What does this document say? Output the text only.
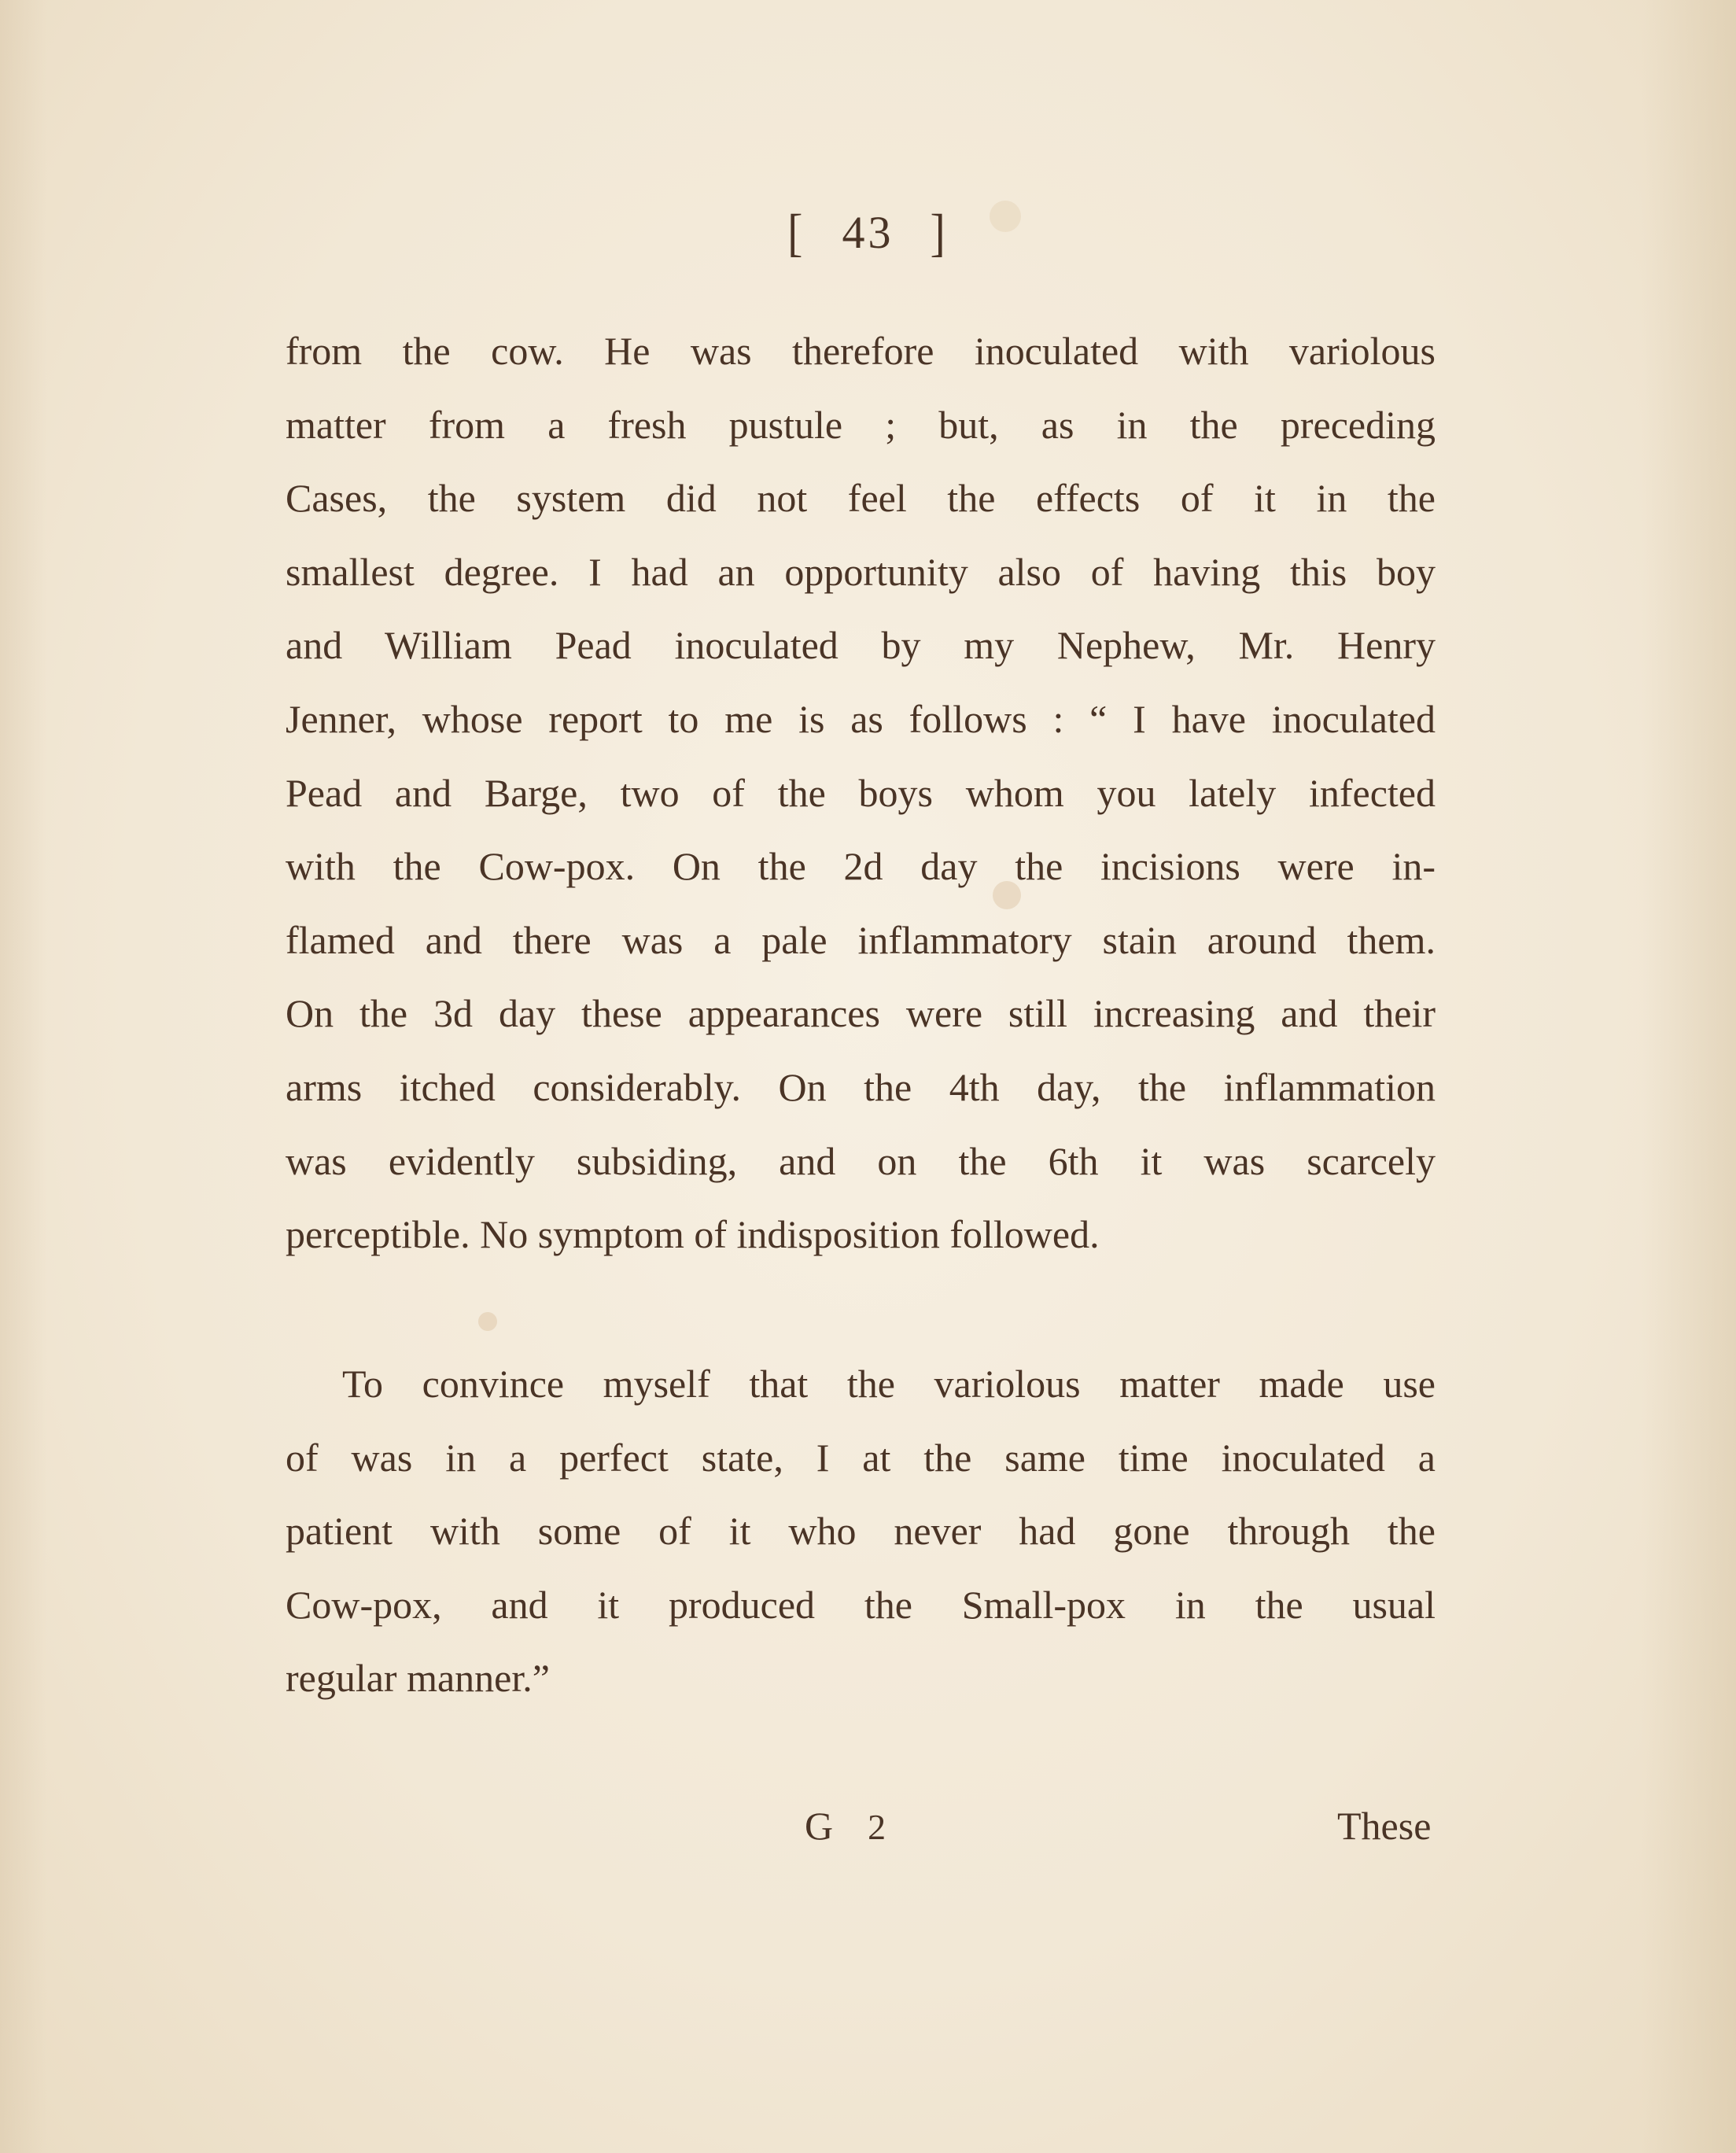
[ 43 ]
from the cow. He was therefore inoculated with variolous
matter from a fresh pustule ; but, as in the preceding
Cases, the system did not feel the effects of it in the
smallest degree. I had an opportunity also of having this boy
and William Pead inoculated by my Nephew, Mr. Henry
Jenner, whose report to me is as follows : “ I have inoculated
Pead and Barge, two of the boys whom you lately infected
with the Cow-pox. On the 2d day the incisions were in-
flamed and there was a pale inflammatory stain around them.
On the 3d day these appearances were still increasing and their
arms itched considerably. On the 4th day, the inflammation
was evidently subsiding, and on the 6th it was scarcely
perceptible. No symptom of indisposition followed.
To convince myself that the variolous matter made use
of was in a perfect state, I at the same time inoculated a
patient with some of it who never had gone through the
Cow-pox, and it produced the Small-pox in the usual
regular manner.”
G 2	These
